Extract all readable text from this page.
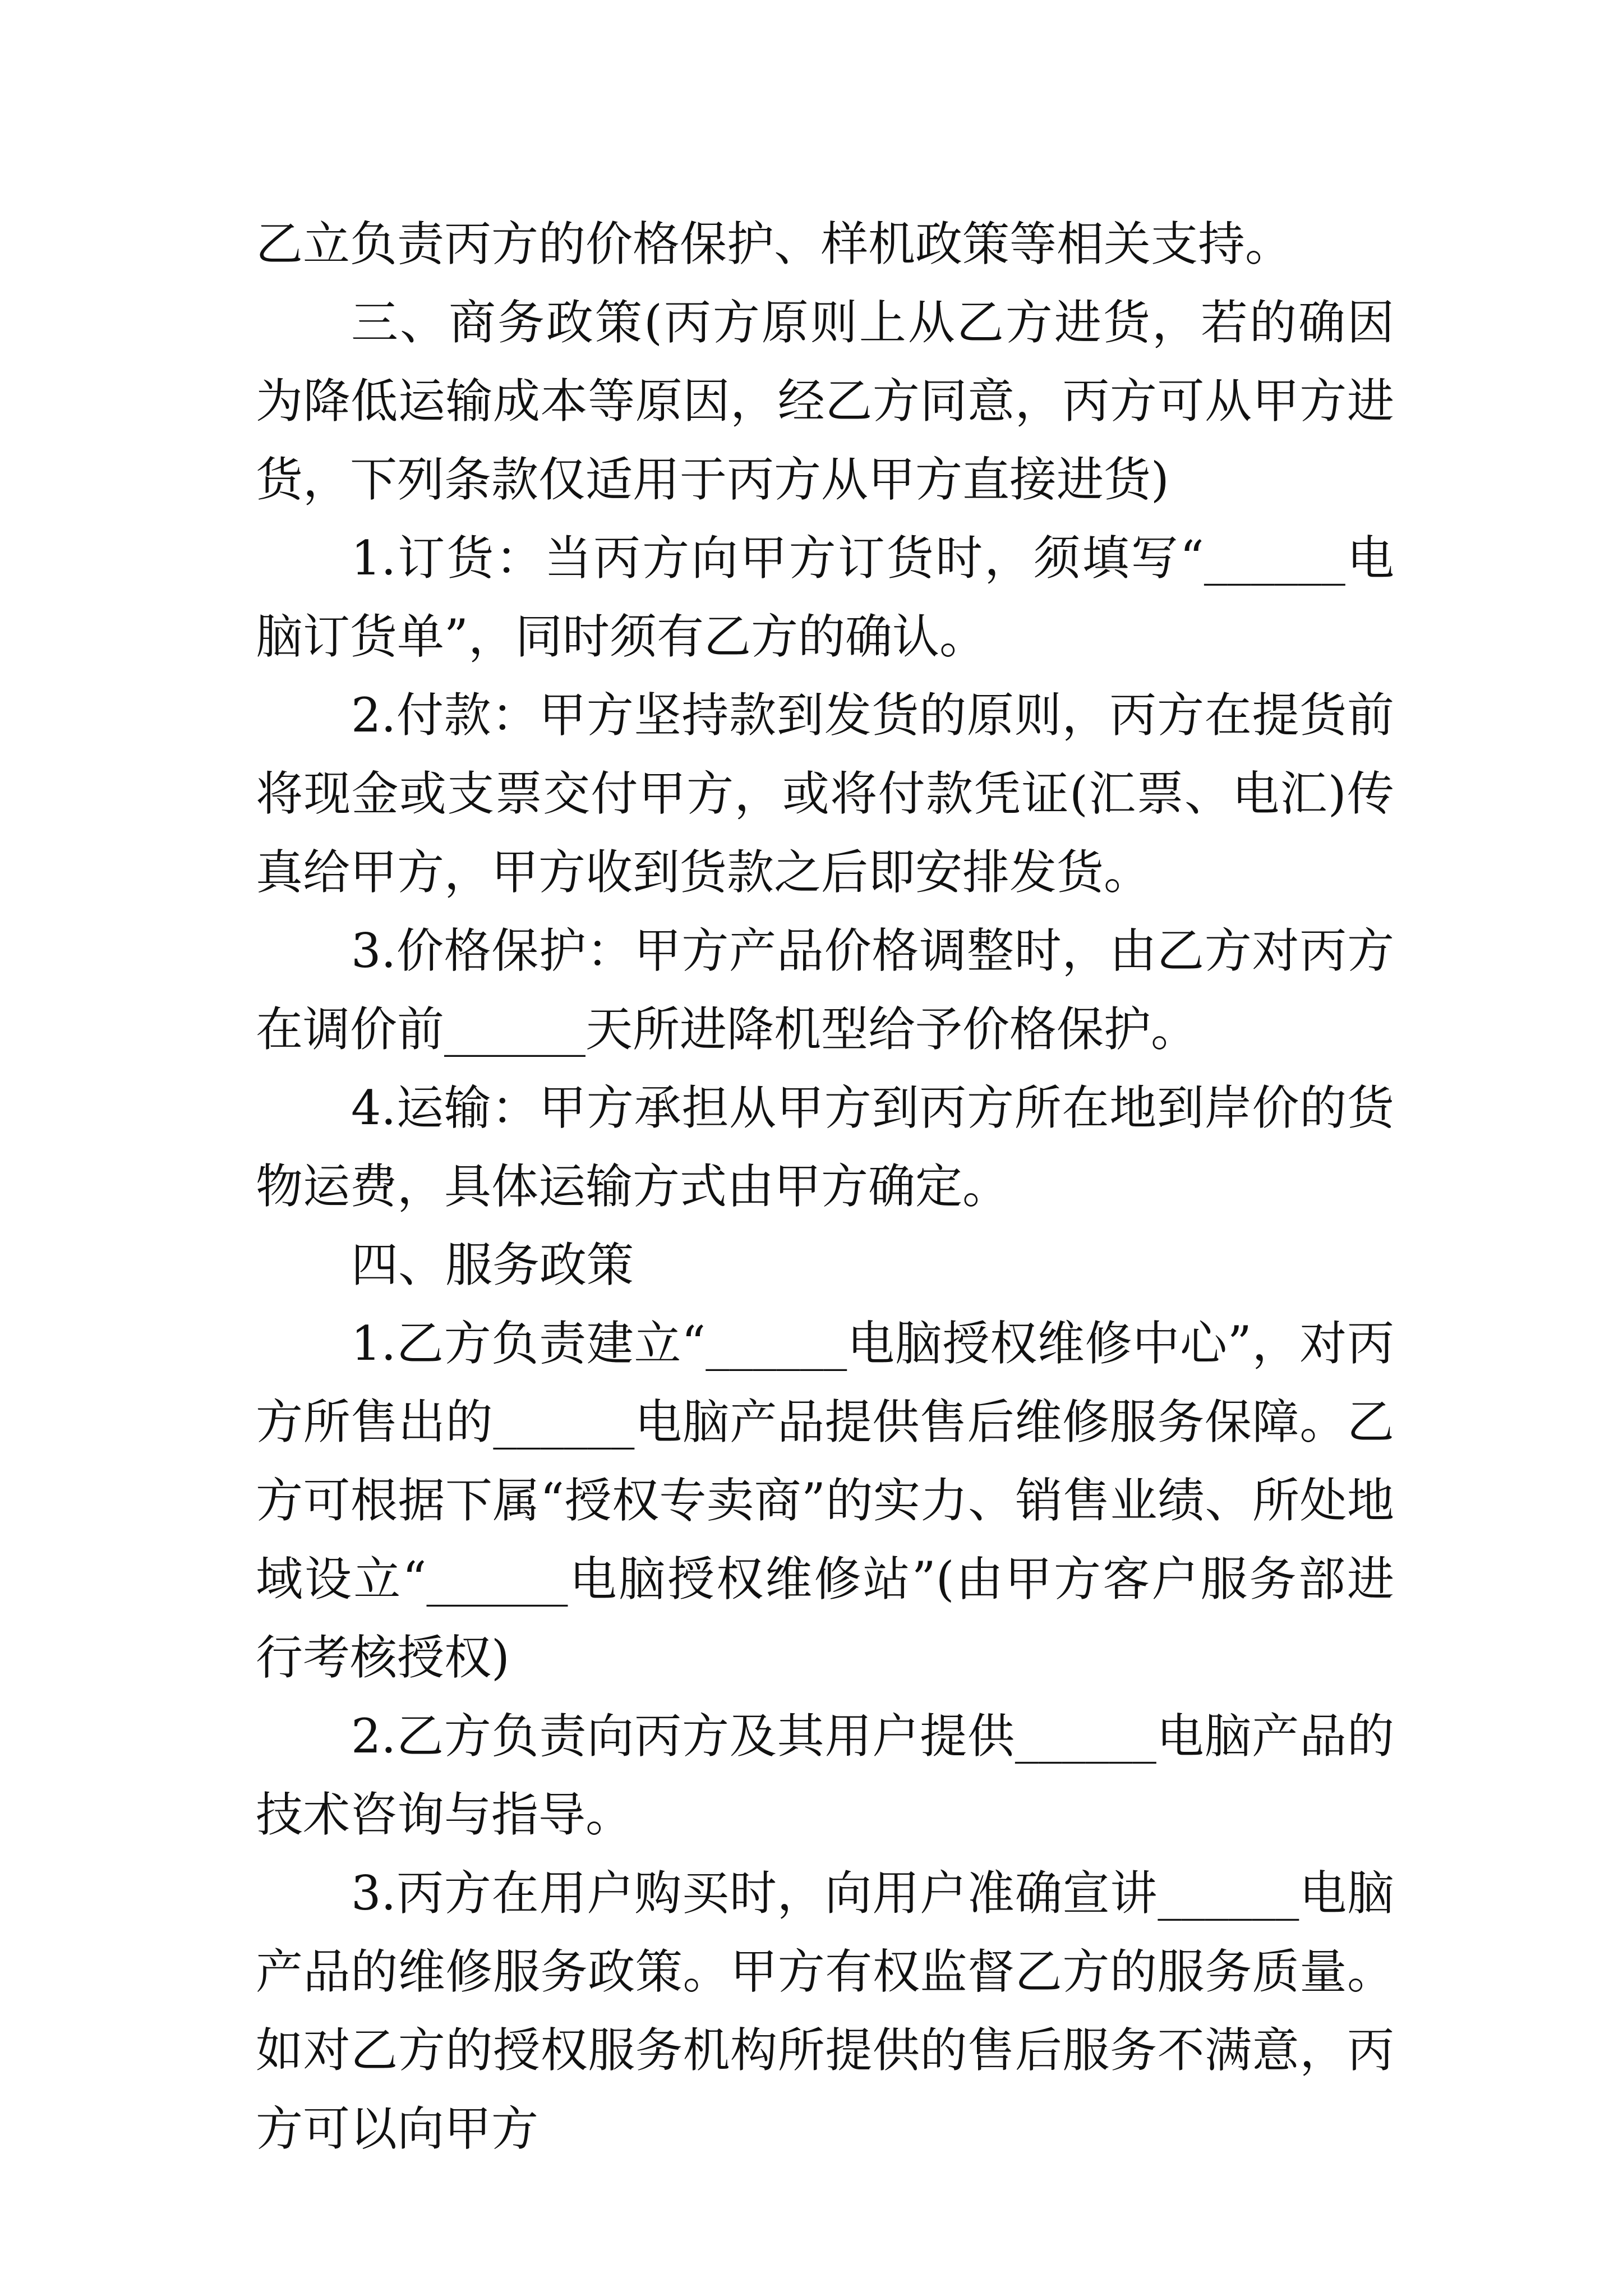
乙立负责丙方的价格保护、样机政策等相关支持。

三、商务政策(丙方原则上从乙方进货，若的确因为降低运输成本等原因，经乙方同意，丙方可从甲方进货，下列条款仅适用于丙方从甲方直接进货)

1.订货：当丙方向甲方订货时，须填写“______电脑订货单”，同时须有乙方的确认。

2.付款：甲方坚持款到发货的原则，丙方在提货前将现金或支票交付甲方，或将付款凭证(汇票、电汇)传真给甲方，甲方收到货款之后即安排发货。

3.价格保护：甲方产品价格调整时，由乙方对丙方在调价前______天所进降机型给予价格保护。

4.运输：甲方承担从甲方到丙方所在地到岸价的货物运费，具体运输方式由甲方确定。

四、服务政策

1.乙方负责建立“______电脑授权维修中心”，对丙方所售出的______电脑产品提供售后维修服务保障。乙方可根据下属“授权专卖商”的实力、销售业绩、所处地域设立“______电脑授权维修站”(由甲方客户服务部进行考核授权)

2.乙方负责向丙方及其用户提供______电脑产品的技术咨询与指导。

3.丙方在用户购买时，向用户准确宣讲______电脑产品的维修服务政策。甲方有权监督乙方的服务质量。如对乙方的授权服务机构所提供的售后服务不满意，丙方可以向甲方
